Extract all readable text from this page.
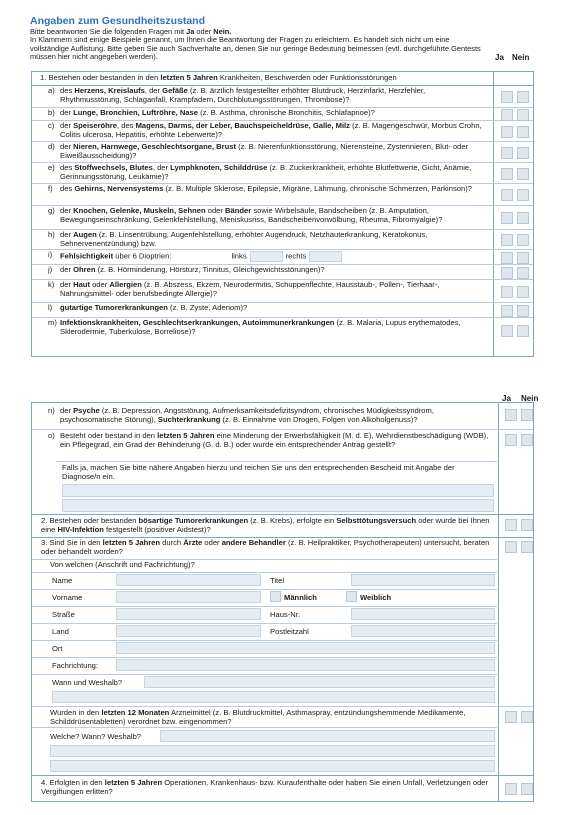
Angaben zum Gesundheitszustand
Bitte beantworten Sie die folgenden Fragen mit Ja oder Nein.
In Klammern sind einige Beispiele genannt, um Ihnen die Beantwortung der Fragen zu erleichtern. Es handelt sich nicht um eine vollständige Auflistung. Bitte geben Sie auch Sachverhalte an, denen Sie nur geringe Bedeutung beimessen (evtl. durchgeführte Gentests müssen hier nicht angegeben werden).	Ja Nein
1. Bestehen oder bestanden in den letzten 5 Jahren Krankheiten, Beschwerden oder Funktionsstörungen
a) des Herzens, Kreislaufs, der Gefäße (z. B. ärztlich festgestellter erhöhter Blutdruck, Herzinfarkt, Herzfehler, Rhythmusstörung, Schlaganfall, Krampfadern, Durchblutungsstörungen, Thrombose)?
b) der Lunge, Bronchien, Luftröhre, Nase (z. B. Asthma, chronische Bronchitis, Schlafapnoe)?
c) der Speiseröhre, des Magens, Darms, der Leber, Bauchspeicheldrüse, Galle, Milz (z. B. Magengeschwür, Morbus Crohn, Colitis ulcerosa, Hepatitis, erhöhte Leberwerte)?
d) der Nieren, Harnwege, Geschlechtsorgane, Brust (z. B. Nierenfunktionsstörung, Nierensteine, Zystennieren, Blut- oder Eiweißausscheidung)?
e) des Stoffwechsels, Blutes, der Lymphknoten, Schilddrüse (z. B. Zuckerkrankheit, erhöhte Blutfettwerte, Gicht, Anämie, Gerinnungsstörung, Leukämie)?
f) des Gehirns, Nervensystems (z. B. Multiple Sklerose, Epilepsie, Migräne, Lähmung, chronische Schmerzen, Parkinson)?
g) der Knochen, Gelenke, Muskeln, Sehnen oder Bänder sowie Wirbelsäule, Bandscheiben (z. B. Amputation, Bewegungseinschränkung, Gelenkfehlstellung, Meniskusriss, Bandscheibenvorwölbung, Rheuma, Fibromyalgie)?
h) der Augen (z. B. Linsentrübung, Augenfehlstellung, erhöhter Augendruck, Netzhauterkrankung, Keratokonus, Sehnervenentzündung) bzw.
i) Fehlsichtigkeit über 6 Dioptrien:	links	rechts
j) der Ohren (z. B. Hörminderung, Hörsturz, Tinnitus, Gleichgewichtsstörungen)?
k) der Haut oder Allergien (z. B. Abszess, Ekzem, Neurodermitis, Schuppenflechte, Hausstaub-, Pollen-, Tierhaar-, Nahrungsmittel- oder berufsbedingte Allergie)?
l) gutartige Tumorerkrankungen (z. B. Zyste, Adenom)?
m) Infektionskrankheiten, Geschlechtserkrankungen, Autoimmunerkrankungen (z. B. Malaria, Lupus erythematodes, Sklerodermie, Tuberkulose, Borreliose)?
Ja Nein
n) der Psyche (z. B. Depression, Angststörung, Aufmerksamkeitsdefizitsyndrom, chronisches Müdigkeitssyndrom, psychosomatische Störung), Suchterkrankung (z. B. Einnahme von Drogen, Folgen von Alkoholgenuss)?
o) Besteht oder bestand in den letzten 5 Jahren eine Minderung der Erwerbsfähigkeit (M. d. E), Wehrdienstbeschädigung (WDB), ein Pflegegrad, ein Grad der Behinderung (G. d. B.) oder wurde ein entsprechender Antrag gestellt?
Falls ja, machen Sie bitte nähere Angaben hierzu und reichen Sie uns den entsprechenden Bescheid mit Angabe der Diagnose/n ein.
2. Bestehen oder bestanden bösartige Tumorerkrankungen (z. B. Krebs), erfolgte ein Selbsttötungsversuch oder wurde bei Ihnen eine HIV-Infektion festgestellt (positiver Aidstest)?
3. Sind Sie in den letzten 5 Jahren durch Ärzte oder andere Behandler (z. B. Heilpraktiker, Psychotherapeuten) untersucht, beraten oder behandelt worden?
Von welchen (Anschrift und Fachrichtung)?
Name	Titel
Vorname	Männlich	Weiblich
Straße	Haus-Nr.
Land	Postleitzahl
Ort
Fachrichtung:
Wann und Weshalb?
Wurden in den letzten 12 Monaten Arzneimittel (z. B. Blutdruckmittel, Asthmaspray, entzündungshemmende Medikamente, Schilddrüsentabletten) verordnet bzw. eingenommen?
Welche? Wann? Weshalb?
4. Erfolgten in den letzten 5 Jahren Operationen, Krankenhaus- bzw. Kuraufenthalte oder haben Sie einen Unfall, Verletzungen oder Vergiftungen erlitten?
